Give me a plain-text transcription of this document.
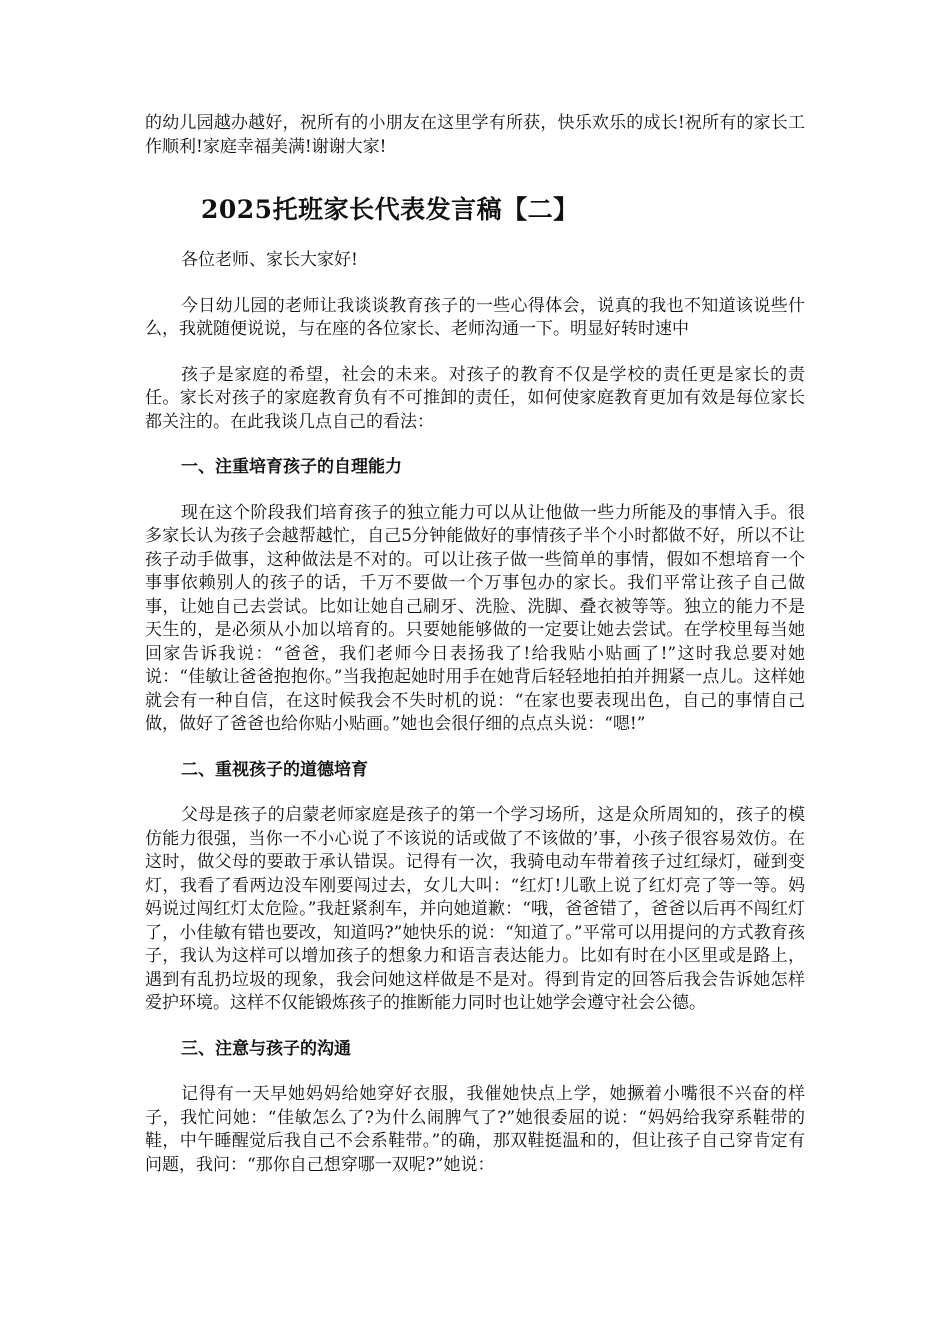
的幼儿园越办越好，祝所有的小朋友在这里学有所获，快乐欢乐的成长!祝所有的家长工作顺利!家庭幸福美满!谢谢大家!

2025托班家长代表发言稿【二】

各位老师、家长大家好!

今日幼儿园的老师让我谈谈教育孩子的一些心得体会，说真的我也不知道该说些什么，我就随便说说，与在座的各位家长、老师沟通一下。明显好转时速中

孩子是家庭的希望，社会的未来。对孩子的教育不仅是学校的责任更是家长的责任。家长对孩子的家庭教育负有不可推卸的责任，如何使家庭教育更加有效是每位家长都关注的。在此我谈几点自己的看法：

一、注重培育孩子的自理能力

现在这个阶段我们培育孩子的独立能力可以从让他做一些力所能及的事情入手。很多家长认为孩子会越帮越忙，自己5分钟能做好的事情孩子半个小时都做不好，所以不让孩子动手做事，这种做法是不对的。可以让孩子做一些简单的事情，假如不想培育一个事事依赖别人的孩子的话，千万不要做一个万事包办的家长。我们平常让孩子自己做事，让她自己去尝试。比如让她自己刷牙、洗脸、洗脚、叠衣被等等。独立的能力不是天生的，是必须从小加以培育的。只要她能够做的一定要让她去尝试。在学校里每当她回家告诉我说：“爸爸，我们老师今日表扬我了!给我贴小贴画了!”这时我总要对她说：“佳敏让爸爸抱抱你。”当我抱起她时用手在她背后轻轻地拍拍并拥紧一点儿。这样她就会有一种自信，在这时候我会不失时机的说：“在家也要表现出色，自己的事情自己做，做好了爸爸也给你贴小贴画。”她也会很仔细的点点头说：“嗯!”

二、重视孩子的道德培育

父母是孩子的启蒙老师家庭是孩子的第一个学习场所，这是众所周知的，孩子的模仿能力很强，当你一不小心说了不该说的话或做了不该做的’事，小孩子很容易效仿。在这时，做父母的要敢于承认错误。记得有一次，我骑电动车带着孩子过红绿灯，碰到变灯，我看了看两边没车刚要闯过去，女儿大叫：“红灯!儿歌上说了红灯亮了等一等。妈妈说过闯红灯太危险。”我赶紧刹车，并向她道歉：“哦，爸爸错了，爸爸以后再不闯红灯了，小佳敏有错也要改，知道吗?”她快乐的说：“知道了。”平常可以用提问的方式教育孩子，我认为这样可以增加孩子的想象力和语言表达能力。比如有时在小区里或是路上，遇到有乱扔垃圾的现象，我会问她这样做是不是对。得到肯定的回答后我会告诉她怎样爱护环境。这样不仅能锻炼孩子的推断能力同时也让她学会遵守社会公德。

三、注意与孩子的沟通

记得有一天早她妈妈给她穿好衣服，我催她快点上学，她撅着小嘴很不兴奋的样子，我忙问她：“佳敏怎么了?为什么闹脾气了?”她很委屈的说：“妈妈给我穿系鞋带的鞋，中午睡醒觉后我自己不会系鞋带。”的确，那双鞋挺温和的，但让孩子自己穿肯定有问题，我问：“那你自己想穿哪一双呢?”她说：
